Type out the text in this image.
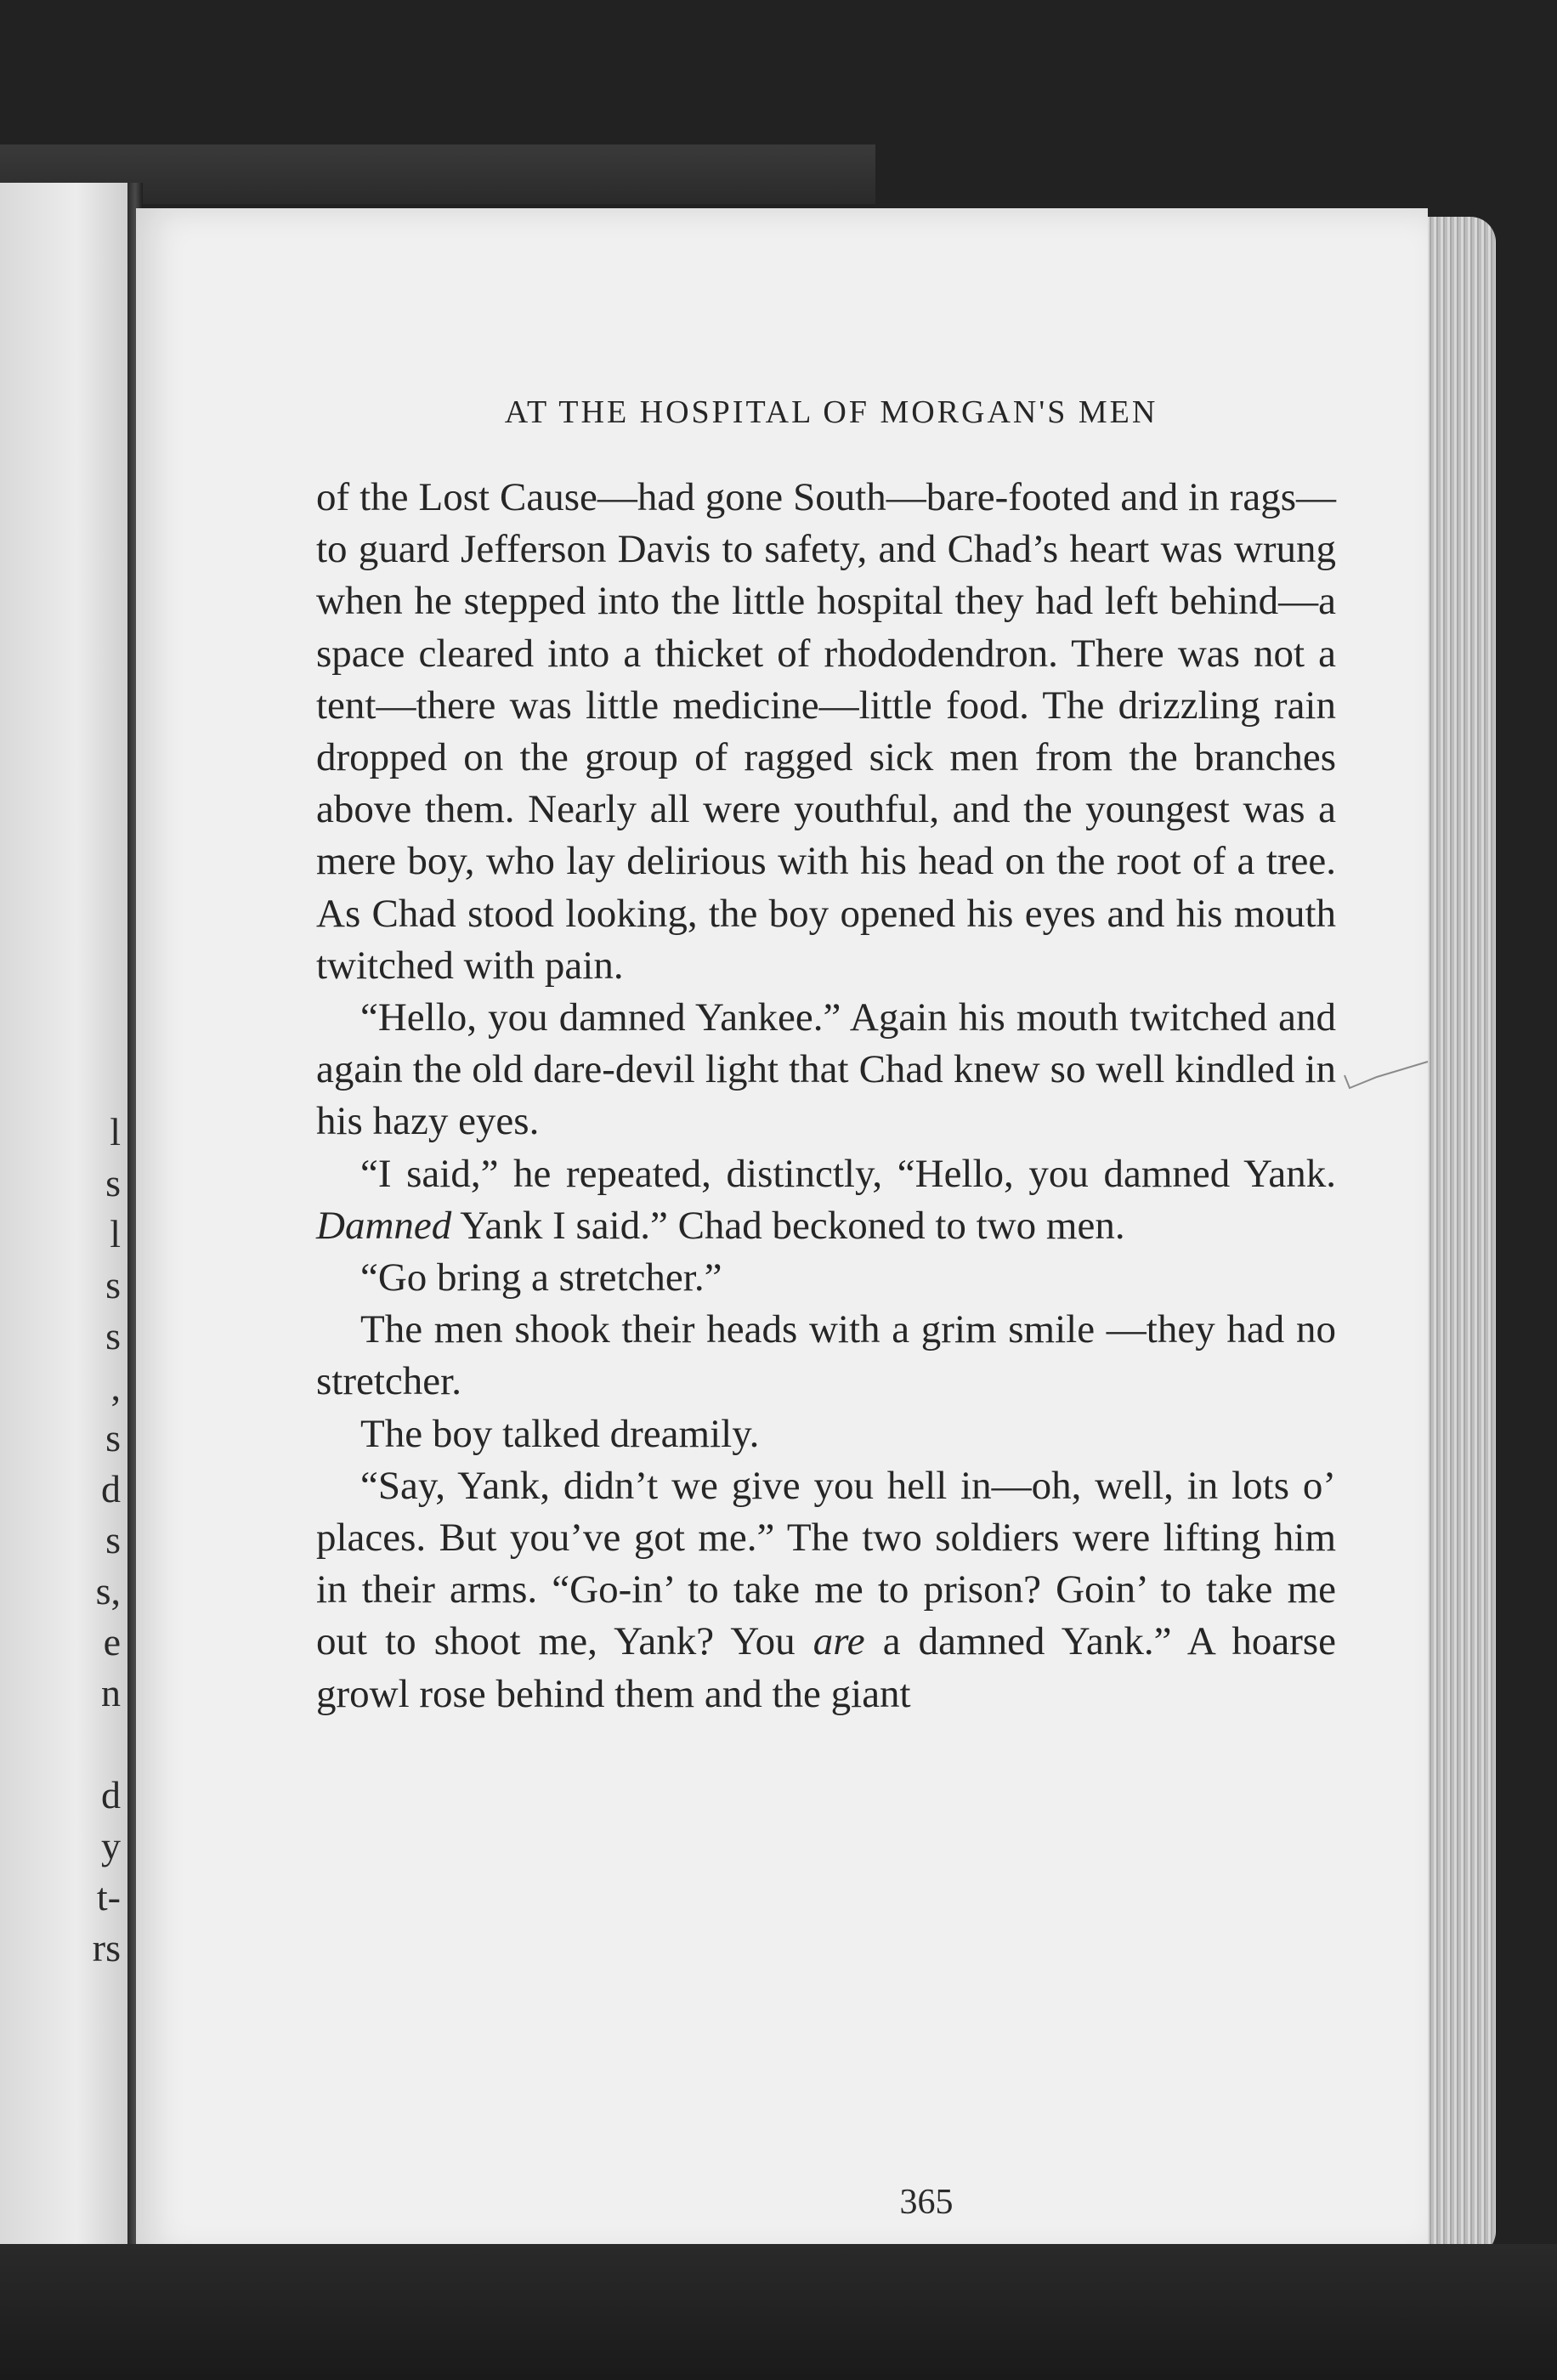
l
s
l
s
s
,
s
d
s
s,
e
n
d
y
t-
rs
AT THE HOSPITAL OF MORGAN'S MEN

of the Lost Cause—had gone South—bare-footed and in rags—to guard Jefferson Davis to safety, and Chad’s heart was wrung when he stepped into the little hospital they had left behind—a space cleared into a thicket of rhododendron. There was not a tent—there was little medicine—little food. The drizzling rain dropped on the group of ragged sick men from the branches above them. Nearly all were youthful, and the youngest was a mere boy, who lay delirious with his head on the root of a tree. As Chad stood looking, the boy opened his eyes and his mouth twitched with pain.

“Hello, you damned Yankee.” Again his mouth twitched and again the old dare-devil light that Chad knew so well kindled in his hazy eyes.

“I said,” he repeated, distinctly, “Hello, you damned Yank. Damned Yank I said.” Chad beckoned to two men.

“Go bring a stretcher.”

The men shook their heads with a grim smile —they had no stretcher.

The boy talked dreamily.

“Say, Yank, didn’t we give you hell in—oh, well, in lots o’ places. But you’ve got me.” The two soldiers were lifting him in their arms. “Go-in’ to take me to prison? Goin’ to take me out to shoot me, Yank? You are a damned Yank.” A hoarse growl rose behind them and the giant

365
